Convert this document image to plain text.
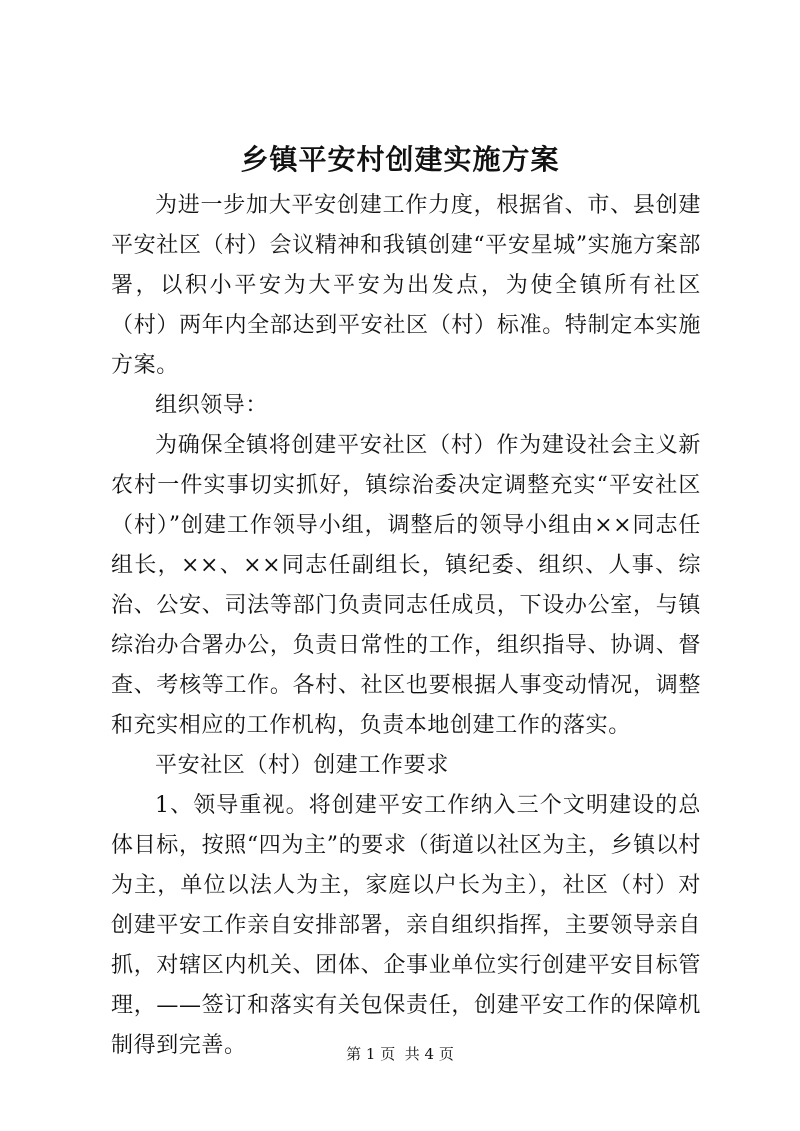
乡镇平安村创建实施方案

为进一步加大平安创建工作力度，根据省、市、县创建平安社区（村）会议精神和我镇创建“平安星城”实施方案部署，以积小平安为大平安为出发点，为使全镇所有社区（村）两年内全部达到平安社区（村）标准。特制定本实施方案。

组织领导：

为确保全镇将创建平安社区（村）作为建设社会主义新农村一件实事切实抓好，镇综治委决定调整充实“平安社区（村）”创建工作领导小组，调整后的领导小组由××同志任组长，××、××同志任副组长，镇纪委、组织、人事、综治、公安、司法等部门负责同志任成员，下设办公室，与镇综治办合署办公，负责日常性的工作，组织指导、协调、督查、考核等工作。各村、社区也要根据人事变动情况，调整和充实相应的工作机构，负责本地创建工作的落实。

平安社区（村）创建工作要求

1、领导重视。将创建平安工作纳入三个文明建设的总体目标，按照“四为主”的要求（街道以社区为主，乡镇以村为主，单位以法人为主，家庭以户长为主），社区（村）对创建平安工作亲自安排部署，亲自组织指挥，主要领导亲自抓，对辖区内机关、团体、企事业单位实行创建平安目标管理，——签订和落实有关包保责任，创建平安工作的保障机制得到完善。	第 1 页  共 4 页
